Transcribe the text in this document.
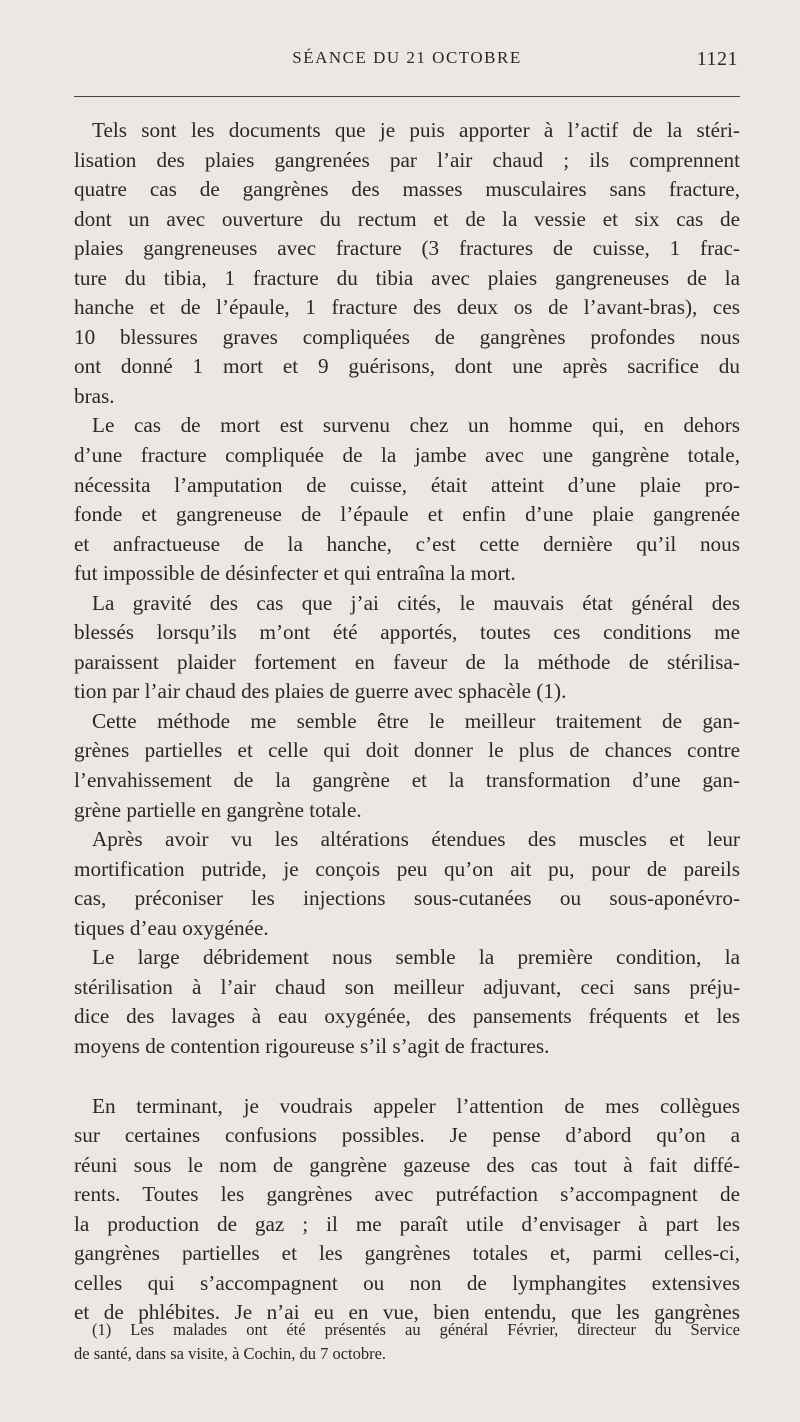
SÉANCE DU 21 OCTOBRE	1121
Tels sont les documents que je puis apporter à l’actif de la stéri-
lisation des plaies gangrenées par l’air chaud ; ils comprennent
quatre cas de gangrènes des masses musculaires sans fracture,
dont un avec ouverture du rectum et de la vessie et six cas de
plaies gangreneuses avec fracture (3 fractures de cuisse, 1 frac-
ture du tibia, 1 fracture du tibia avec plaies gangreneuses de la
hanche et de l’épaule, 1 fracture des deux os de l’avant-bras), ces
10 blessures graves compliquées de gangrènes profondes nous
ont donné 1 mort et 9 guérisons, dont une après sacrifice du
bras.
Le cas de mort est survenu chez un homme qui, en dehors
d’une fracture compliquée de la jambe avec une gangrène totale,
nécessita l’amputation de cuisse, était atteint d’une plaie pro-
fonde et gangreneuse de l’épaule et enfin d’une plaie gangrenée
et anfractueuse de la hanche, c’est cette dernière qu’il nous
fut impossible de désinfecter et qui entraîna la mort.
La gravité des cas que j’ai cités, le mauvais état général des
blessés lorsqu’ils m’ont été apportés, toutes ces conditions me
paraissent plaider fortement en faveur de la méthode de stérilisa-
tion par l’air chaud des plaies de guerre avec sphacèle (1).
Cette méthode me semble être le meilleur traitement de gan-
grènes partielles et celle qui doit donner le plus de chances contre
l’envahissement de la gangrène et la transformation d’une gan-
grène partielle en gangrène totale.
Après avoir vu les altérations étendues des muscles et leur
mortification putride, je conçois peu qu’on ait pu, pour de pareils
cas, préconiser les injections sous-cutanées ou sous-aponévro-
tiques d’eau oxygénée.
Le large débridement nous semble la première condition, la
stérilisation à l’air chaud son meilleur adjuvant, ceci sans préju-
dice des lavages à eau oxygénée, des pansements fréquents et les
moyens de contention rigoureuse s’il s’agit de fractures.
En terminant, je voudrais appeler l’attention de mes collègues
sur certaines confusions possibles. Je pense d’abord qu’on a
réuni sous le nom de gangrène gazeuse des cas tout à fait diffé-
rents. Toutes les gangrènes avec putréfaction s’accompagnent de
la production de gaz ; il me paraît utile d’envisager à part les
gangrènes partielles et les gangrènes totales et, parmi celles-ci,
celles qui s’accompagnent ou non de lymphangites extensives
et de phlébites. Je n’ai eu en vue, bien entendu, que les gangrènes
(1) Les malades ont été présentés au général Février, directeur du Service
de santé, dans sa visite, à Cochin, du 7 octobre.
